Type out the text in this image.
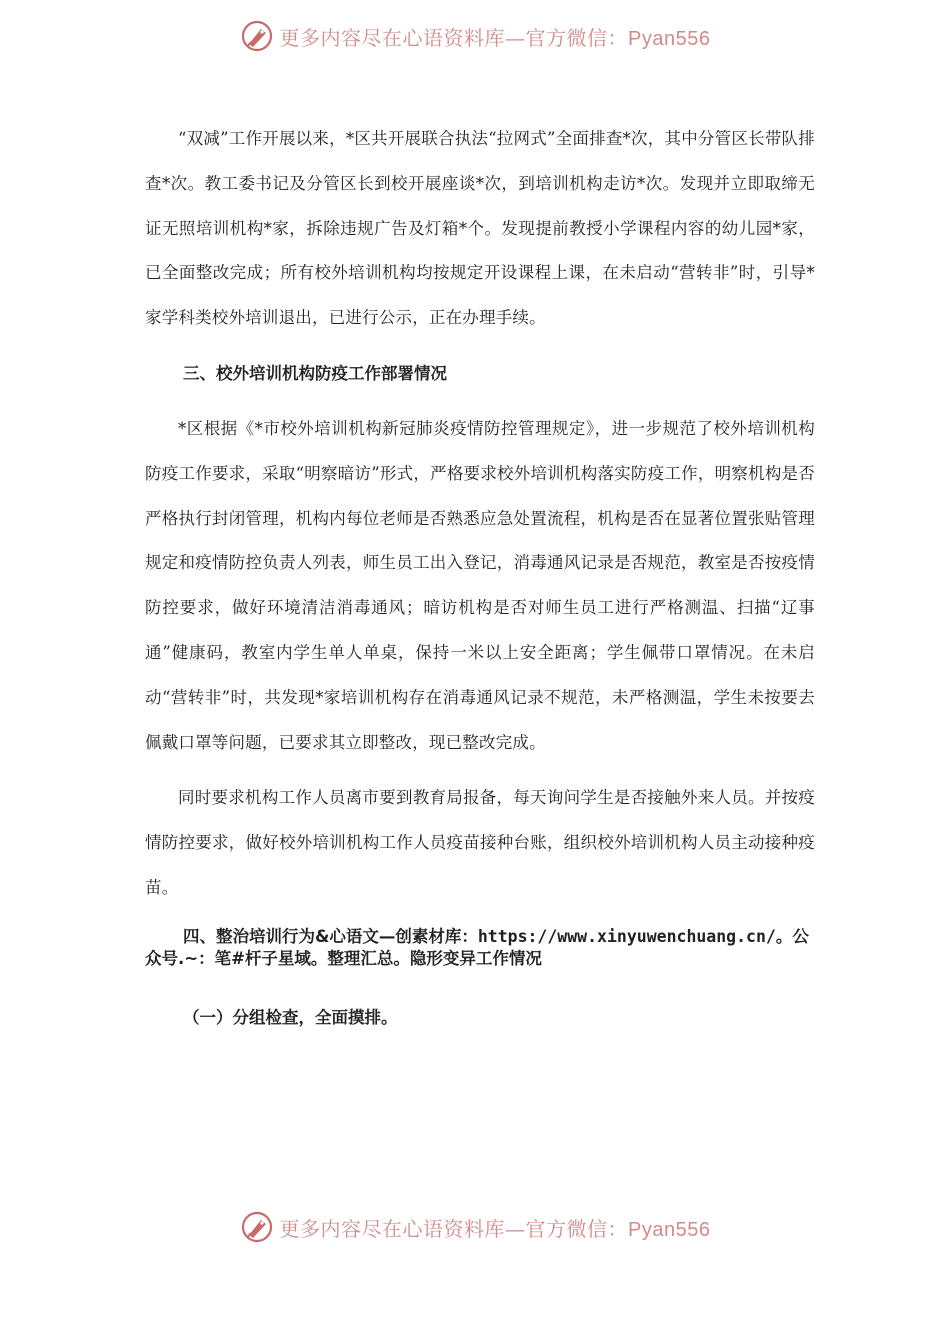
更多内容尽在心语资料库—官方微信：Pyan556

“双减”工作开展以来，*区共开展联合执法“拉网式”全面排查*次，其中分管区长带队排查*次。教工委书记及分管区长到校开展座谈*次，到培训机构走访*次。发现并立即取缔无证无照培训机构*家，拆除违规广告及灯箱*个。发现提前教授小学课程内容的幼儿园*家，已全面整改完成；所有校外培训机构均按规定开设课程上课，在未启动“营转非”时，引导*家学科类校外培训退出，已进行公示，正在办理手续。

三、校外培训机构防疫工作部署情况

*区根据《*市校外培训机构新冠肺炎疫情防控管理规定》，进一步规范了校外培训机构防疫工作要求，采取“明察暗访”形式，严格要求校外培训机构落实防疫工作，明察机构是否严格执行封闭管理，机构内每位老师是否熟悉应急处置流程，机构是否在显著位置张贴管理规定和疫情防控负责人列表，师生员工出入登记，消毒通风记录是否规范，教室是否按疫情防控要求，做好环境清洁消毒通风；暗访机构是否对师生员工进行严格测温、扫描“辽事通”健康码，教室内学生单人单桌，保持一米以上安全距离；学生佩带口罩情况。在未启动“营转非”时，共发现*家培训机构存在消毒通风记录不规范，未严格测温，学生未按要去佩戴口罩等问题，已要求其立即整改，现已整改完成。

同时要求机构工作人员离市要到教育局报备，每天询问学生是否接触外来人员。并按疫情防控要求，做好校外培训机构工作人员疫苗接种台账，组织校外培训机构人员主动接种疫苗。

四、整治培训行为&心语文—创素材库：https://www.xinyuwenchuang.cn/。公众号.~：笔#杆子星域。整理汇总。隐形变异工作情况

（一）分组检查，全面摸排。

更多内容尽在心语资料库—官方微信：Pyan556
